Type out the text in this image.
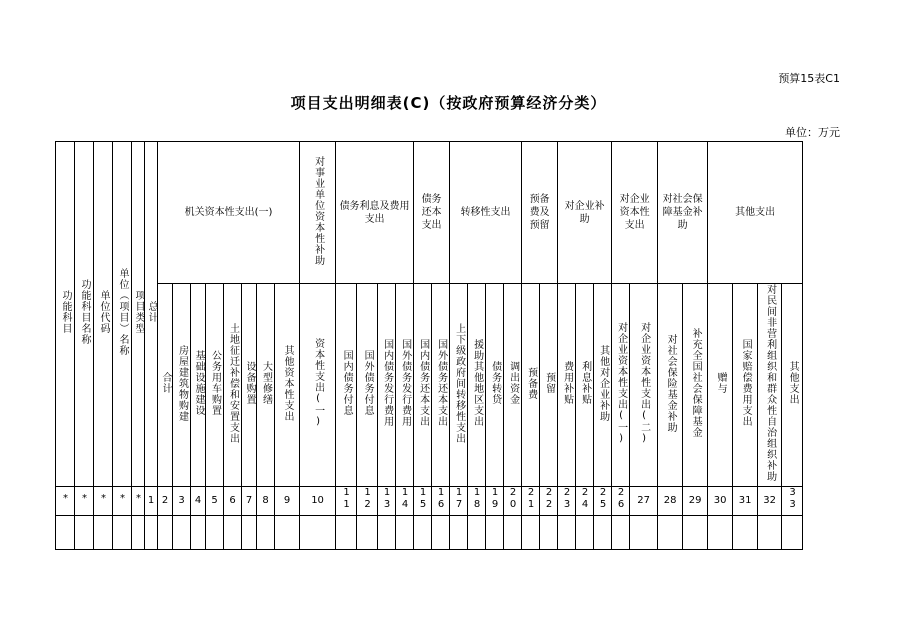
预算15表C1
项目支出明细表(C)（按政府预算经济分类）
单位：万元
功能科目	功能科目名称	单位代码	单位（项目）名称	项目类型	总计	机关资本性支出(一)								对事业单位资本性补助	债务利息及费用支出				债务还本支出		转移性支出				预备费及预留		对企业补助			对企业资本性支出		对社会保障基金补助		其他支出			
						合计	房屋建筑物购建	基础设施建设	公务用车购置	土地征迁补偿和安置支出	设备购置	大型修缮	其他资本性支出	资本性支出(一)	国内债务付息	国外债务付息	国内债务发行费用	国外债务发行费用	国内债务还本支出	国外债务还本支出	上下级政府间转移性支出	援助其他地区支出	债务转贷	调出资金	预备费	预留	费用补贴	利息补贴	其他对企业补助	对企业资本性支出(一)	对企业资本性支出(二)	对社会保险基金补助	补充全国社会保障基金	赠与	国家赔偿费用支出	对民间非营利组织和群众性自治组织补助	其他支出
*	*	*	*	*	1	2	3	4	5	6	7	8	9	10	11	12	13	14	15	16	17	18	19	20	21	22	23	24	25	26	27	28	29	30	31	32	33
